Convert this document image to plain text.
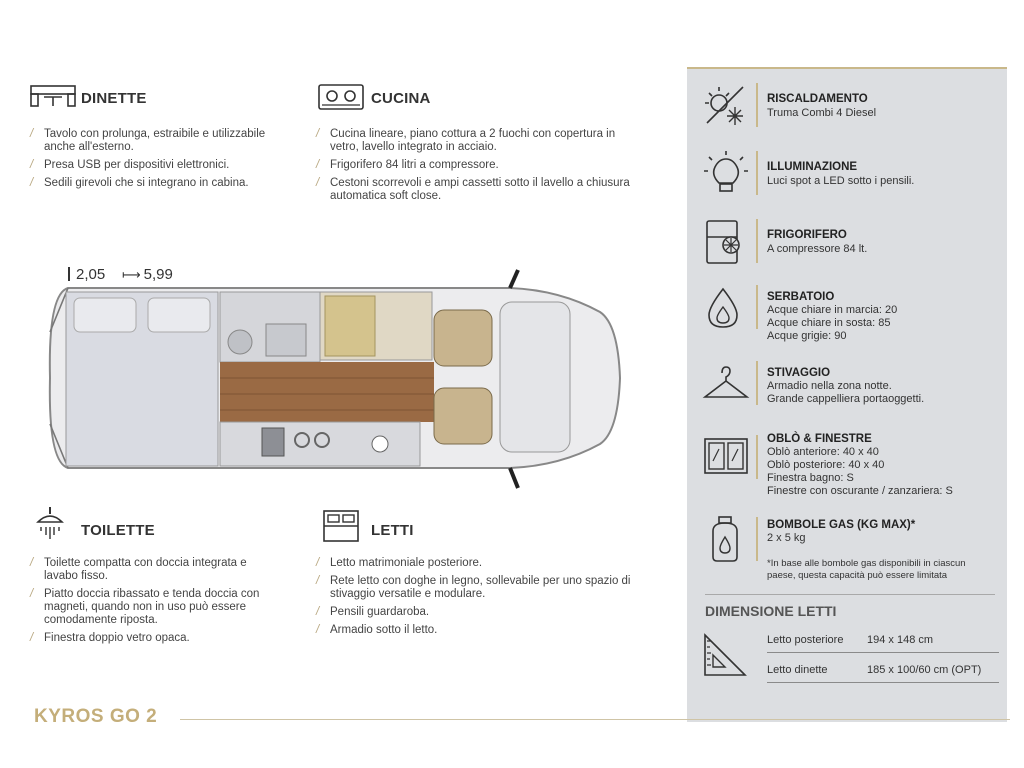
DINETTE
/ Tavolo con prolunga, estraibile e utilizzabile anche all'esterno.
/ Presa USB per dispositivi elettronici.
/ Sedili girevoli che si integrano in cabina.
CUCINA
/ Cucina lineare, piano cottura a 2 fuochi con copertura in vetro, lavello integrato in acciaio.
/ Frigorifero 84 litri a compressore.
/ Cestoni scorrevoli e ampi cassetti sotto il lavello a chiusura automatica soft close.
2,05 ⟼ 5,99
TOILETTE
/ Toilette compatta con doccia integrata e lavabo fisso.
/ Piatto doccia ribassato e tenda doccia con magneti, quando non in uso può essere comodamente riposta.
/ Finestra doppio vetro opaca.
LETTI
/ Letto matrimoniale posteriore.
/ Rete letto con doghe in legno, sollevabile per uno spazio di stivaggio versatile e modulare.
/ Pensili guardaroba.
/ Armadio sotto il letto.
RISCALDAMENTO
Truma Combi 4 Diesel
ILLUMINAZIONE
Luci spot a LED sotto i pensili.
FRIGORIFERO
A compressore 84 lt.
SERBATOIO
Acque chiare in marcia: 20
Acque chiare in sosta: 85
Acque grigie: 90
STIVAGGIO
Armadio nella zona notte.
Grande cappelliera portaoggetti.
OBLÒ & FINESTRE
Oblò anteriore: 40 x 40
Oblò posteriore: 40 x 40
Finestra bagno: S
Finestre con oscurante / zanzariera: S
BOMBOLE GAS (KG MAX)*
2 x 5 kg
*In base alle bombole gas disponibili in ciascun paese, questa capacità può essere limitata
DIMENSIONE LETTI
Letto posteriore 194 x 148 cm
Letto dinette	185 x 100/60 cm (OPT)
KYROS GO 2
